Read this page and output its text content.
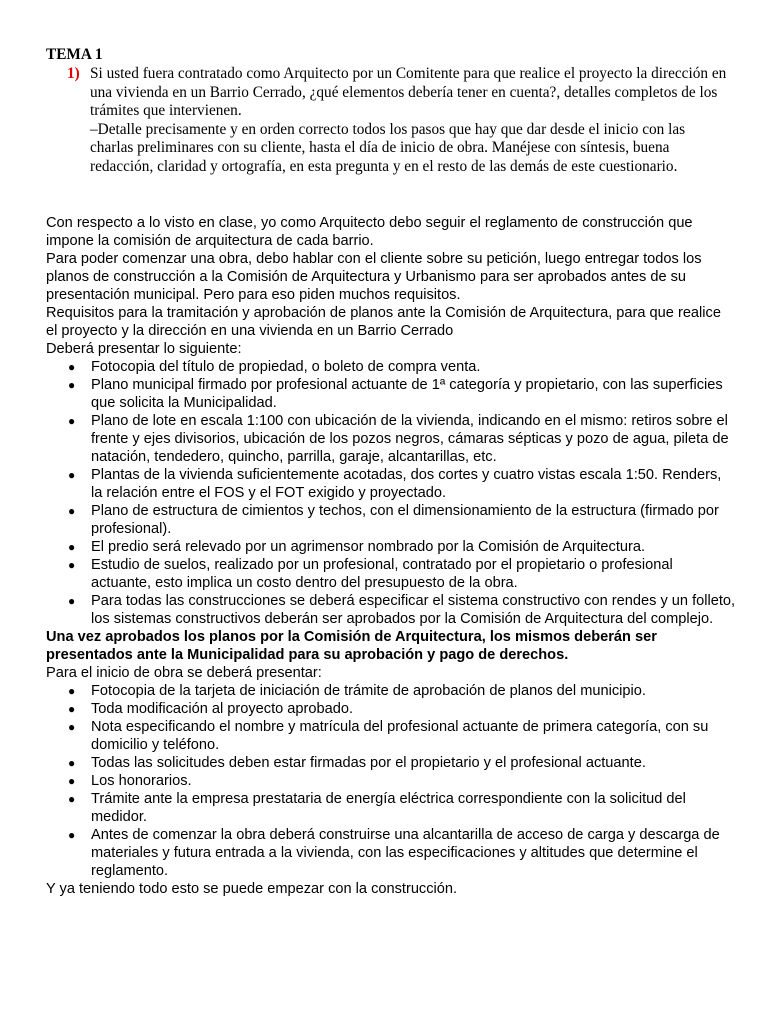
TEMA 1
1) Si usted fuera contratado como Arquitecto por un Comitente para que realice el proyecto la dirección en una vivienda en un Barrio Cerrado, ¿qué elementos debería tener en cuenta?, detalles completos de los trámites que intervienen.

–Detalle precisamente y en orden correcto todos los pasos que hay que dar desde el inicio con las charlas preliminares con su cliente, hasta el día de inicio de obra. Manéjese con síntesis, buena redacción, claridad y ortografía, en esta pregunta y en el resto de las demás de este cuestionario.

Con respecto a lo visto en clase, yo como Arquitecto debo seguir el reglamento de construcción que impone la comisión de arquitectura de cada barrio.

Para poder comenzar una obra, debo hablar con el cliente sobre su petición, luego entregar todos los planos de construcción a la Comisión de Arquitectura y Urbanismo para ser aprobados antes de su presentación municipal. Pero para eso piden muchos requisitos.

Requisitos para la tramitación y aprobación de planos ante la Comisión de Arquitectura, para que realice el proyecto y la dirección en una vivienda en un Barrio Cerrado

Deberá presentar lo siguiente:

● Fotocopia del título de propiedad, o boleto de compra venta.
● Plano municipal firmado por profesional actuante de 1ª categoría y propietario, con las superficies que solicita la Municipalidad.
● Plano de lote en escala 1:100 con ubicación de la vivienda, indicando en el mismo: retiros sobre el frente y ejes divisorios, ubicación de los pozos negros, cámaras sépticas y pozo de agua, pileta de natación, tendedero, quincho, parrilla, garaje, alcantarillas, etc.
● Plantas de la vivienda suficientemente acotadas, dos cortes y cuatro vistas escala 1:50. Renders, la relación entre el FOS y el FOT exigido y proyectado.
● Plano de estructura de cimientos y techos, con el dimensionamiento de la estructura (firmado por profesional).
● El predio será relevado por un agrimensor nombrado por la Comisión de Arquitectura.
● Estudio de suelos, realizado por un profesional, contratado por el propietario o profesional actuante, esto implica un costo dentro del presupuesto de la obra.
● Para todas las construcciones se deberá especificar el sistema constructivo con rendes y un folleto, los sistemas constructivos deberán ser aprobados por la Comisión de Arquitectura del complejo.

Una vez aprobados los planos por la Comisión de Arquitectura, los mismos deberán ser presentados ante la Municipalidad para su aprobación y pago de derechos.

Para el inicio de obra se deberá presentar:

● Fotocopia de la tarjeta de iniciación de trámite de aprobación de planos del municipio.
● Toda modificación al proyecto aprobado.
● Nota especificando el nombre y matrícula del profesional actuante de primera categoría, con su domicilio y teléfono.
● Todas las solicitudes deben estar firmadas por el propietario y el profesional actuante.
● Los honorarios.
● Trámite ante la empresa prestataria de energía eléctrica correspondiente con la solicitud del medidor.
● Antes de comenzar la obra deberá construirse una alcantarilla de acceso de carga y descarga de materiales y futura entrada a la vivienda, con las especificaciones y altitudes que determine el reglamento.

Y ya teniendo todo esto se puede empezar con la construcción.
